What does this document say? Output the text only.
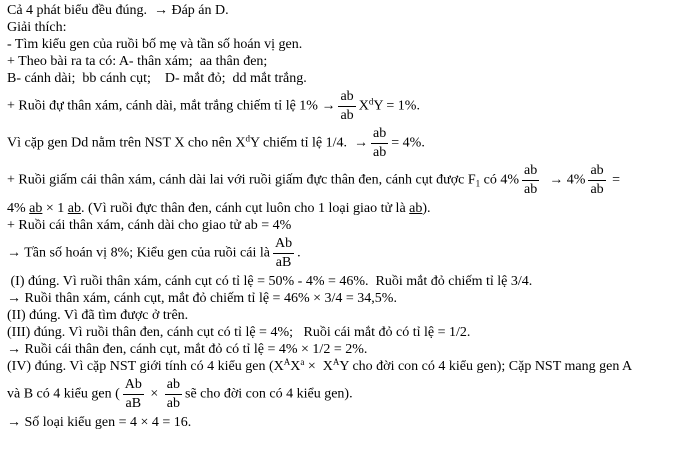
Cả 4 phát biểu đều đúng.  → Đáp án D.
Giải thích:
- Tìm kiểu gen của ruồi bố mẹ và tần số hoán vị gen.
+ Theo bài ra ta có: A- thân xám;  aa thân đen;
B- cánh dài;  bb cánh cụt;    D- mắt đỏ;  dd mắt trắng.
+ Ruồi đự thân xám, cánh dài, mắt trắng chiếm tỉ lệ $1\% \to \frac{ab}{ab} X^dY = 1\%$.
Vì cặp gen Dd nằm trên NST X cho nên $X^dY$ chiếm tỉ lệ 1/4.  → $\frac{ab}{ab} = 4\%$.
+ Ruồi giấm cái thân xám, cánh dài lai với ruồi giấm đực thân đen, cánh cụt được $F_1$ có $4\% \frac{ab}{ab} \to 4\% \frac{ab}{ab}$ =
4% ab × 1 ab. (Vì ruồi đực thân đen, cánh cụt luôn cho 1 loại giao tử là ab).
+ Ruồi cái thân xám, cánh dài cho giao tử ab = 4%
→ Tần số hoán vị 8%; Kiểu gen của ruồi cái là $\frac{Ab}{aB}$ .
(I) đúng. Vì ruồi thân xám, cánh cụt có tỉ lệ = 50% - 4% = 46%.  Ruồi mắt đỏ chiếm tỉ lệ 3/4.
→ Ruồi thân xám, cánh cụt, mắt đỏ chiếm tỉ lệ = 46% × 3/4 = 34,5%.
(II) đúng. Vì đã tìm được ở trên.
(III) đúng. Vì ruồi thân đen, cánh cụt có tỉ lệ = 4%;   Ruồi cái mắt đỏ có tỉ lệ = 1/2.
→ Ruồi cái thân đen, cánh cụt, mắt đỏ có tỉ lệ = 4% × 1/2 = 2%.
(IV) đúng. Vì cặp NST giới tính có 4 kiểu gen ($X^AX^a \times X^AY$ cho đời con có 4 kiểu gen); Cặp NST mang gen A
và B có 4 kiểu gen ( $\frac{Ab}{aB} \times \frac{ab}{ab}$ sẽ cho đời con có 4 kiểu gen).
→ Số loại kiểu gen = 4 × 4 = 16.
